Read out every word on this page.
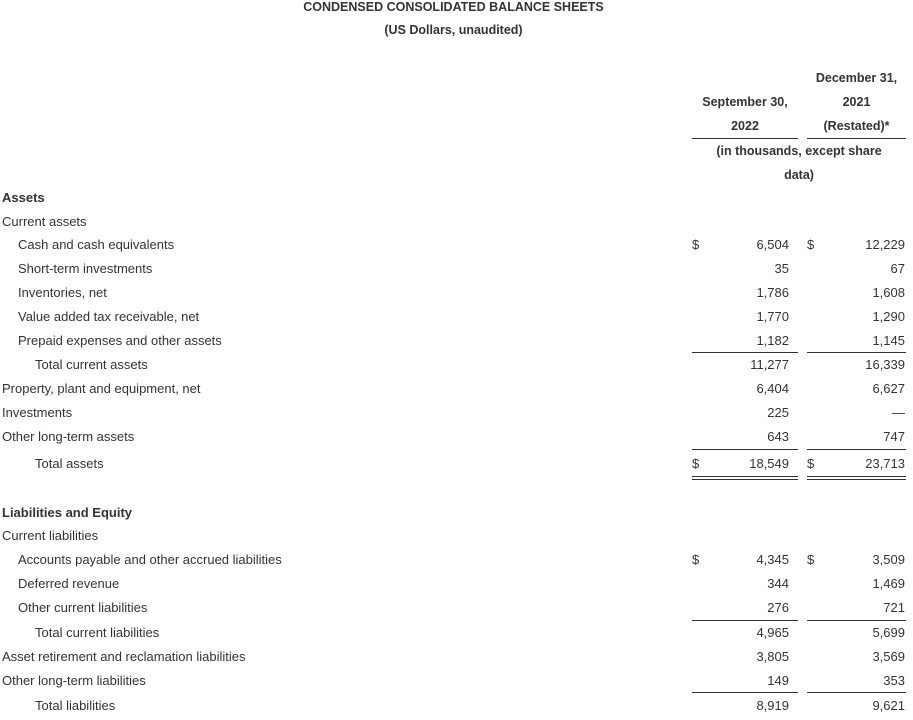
CONDENSED CONSOLIDATED BALANCE SHEETS
(US Dollars, unaudited)
December 31,
September 30,	2021
2022	(Restated)*
(in thousands, except share
data)
Assets
Current assets
Cash and cash equivalents	$	6,504 $	12,229
Short-term investments	35	67
Inventories, net	1,786	1,608
Value added tax receivable, net	1,770	1,290
Prepaid expenses and other assets	1,182	1,145
Total current assets	11,277	16,339
Property, plant and equipment, net	6,404	6,627
Investments	225	—
Other long-term assets	643	747
Total assets	$	18,549 $	23,713
Liabilities and Equity
Current liabilities
Accounts payable and other accrued liabilities	$	4,345 $	3,509
Deferred revenue	344	1,469
Other current liabilities	276	721
Total current liabilities	4,965	5,699
Asset retirement and reclamation liabilities	3,805	3,569
Other long-term liabilities	149	353
Total liabilities	8,919	9,621
